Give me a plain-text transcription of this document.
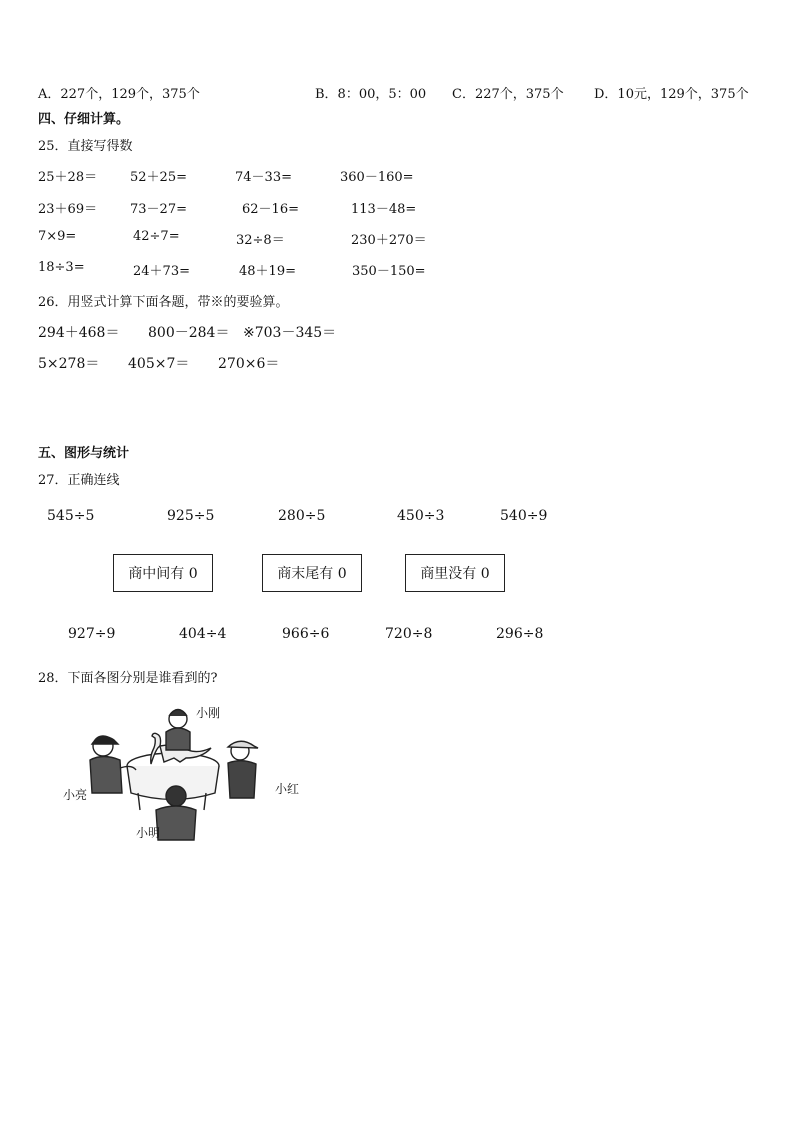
A．227个，129个，375个	B．8：00，5：00 C．227个，375个 D．10元，129个，375个
四、仔细计算。
25．直接写得数
25＋28＝	52＋25=	74－33=	360－160=
23＋69＝	73－27=	62－16=	113－48=
7×9=	42÷7=	32÷8＝	230＋270＝
18÷3=	24＋73=	48＋19=	350－150=
26．用竖式计算下面各题，带※的要验算。
294＋468＝ 800－284＝ ※703－345＝
5×278＝ 405×7＝ 270×6＝
五、图形与统计
27．正确连线
545÷5	925÷5	280÷5	450÷3	540÷9
商中间有 0	商末尾有 0	商里没有 0
927÷9	404÷4	966÷6	720÷8	296÷8
28．下面各图分别是谁看到的?
小刚
小红
小亮
小明
